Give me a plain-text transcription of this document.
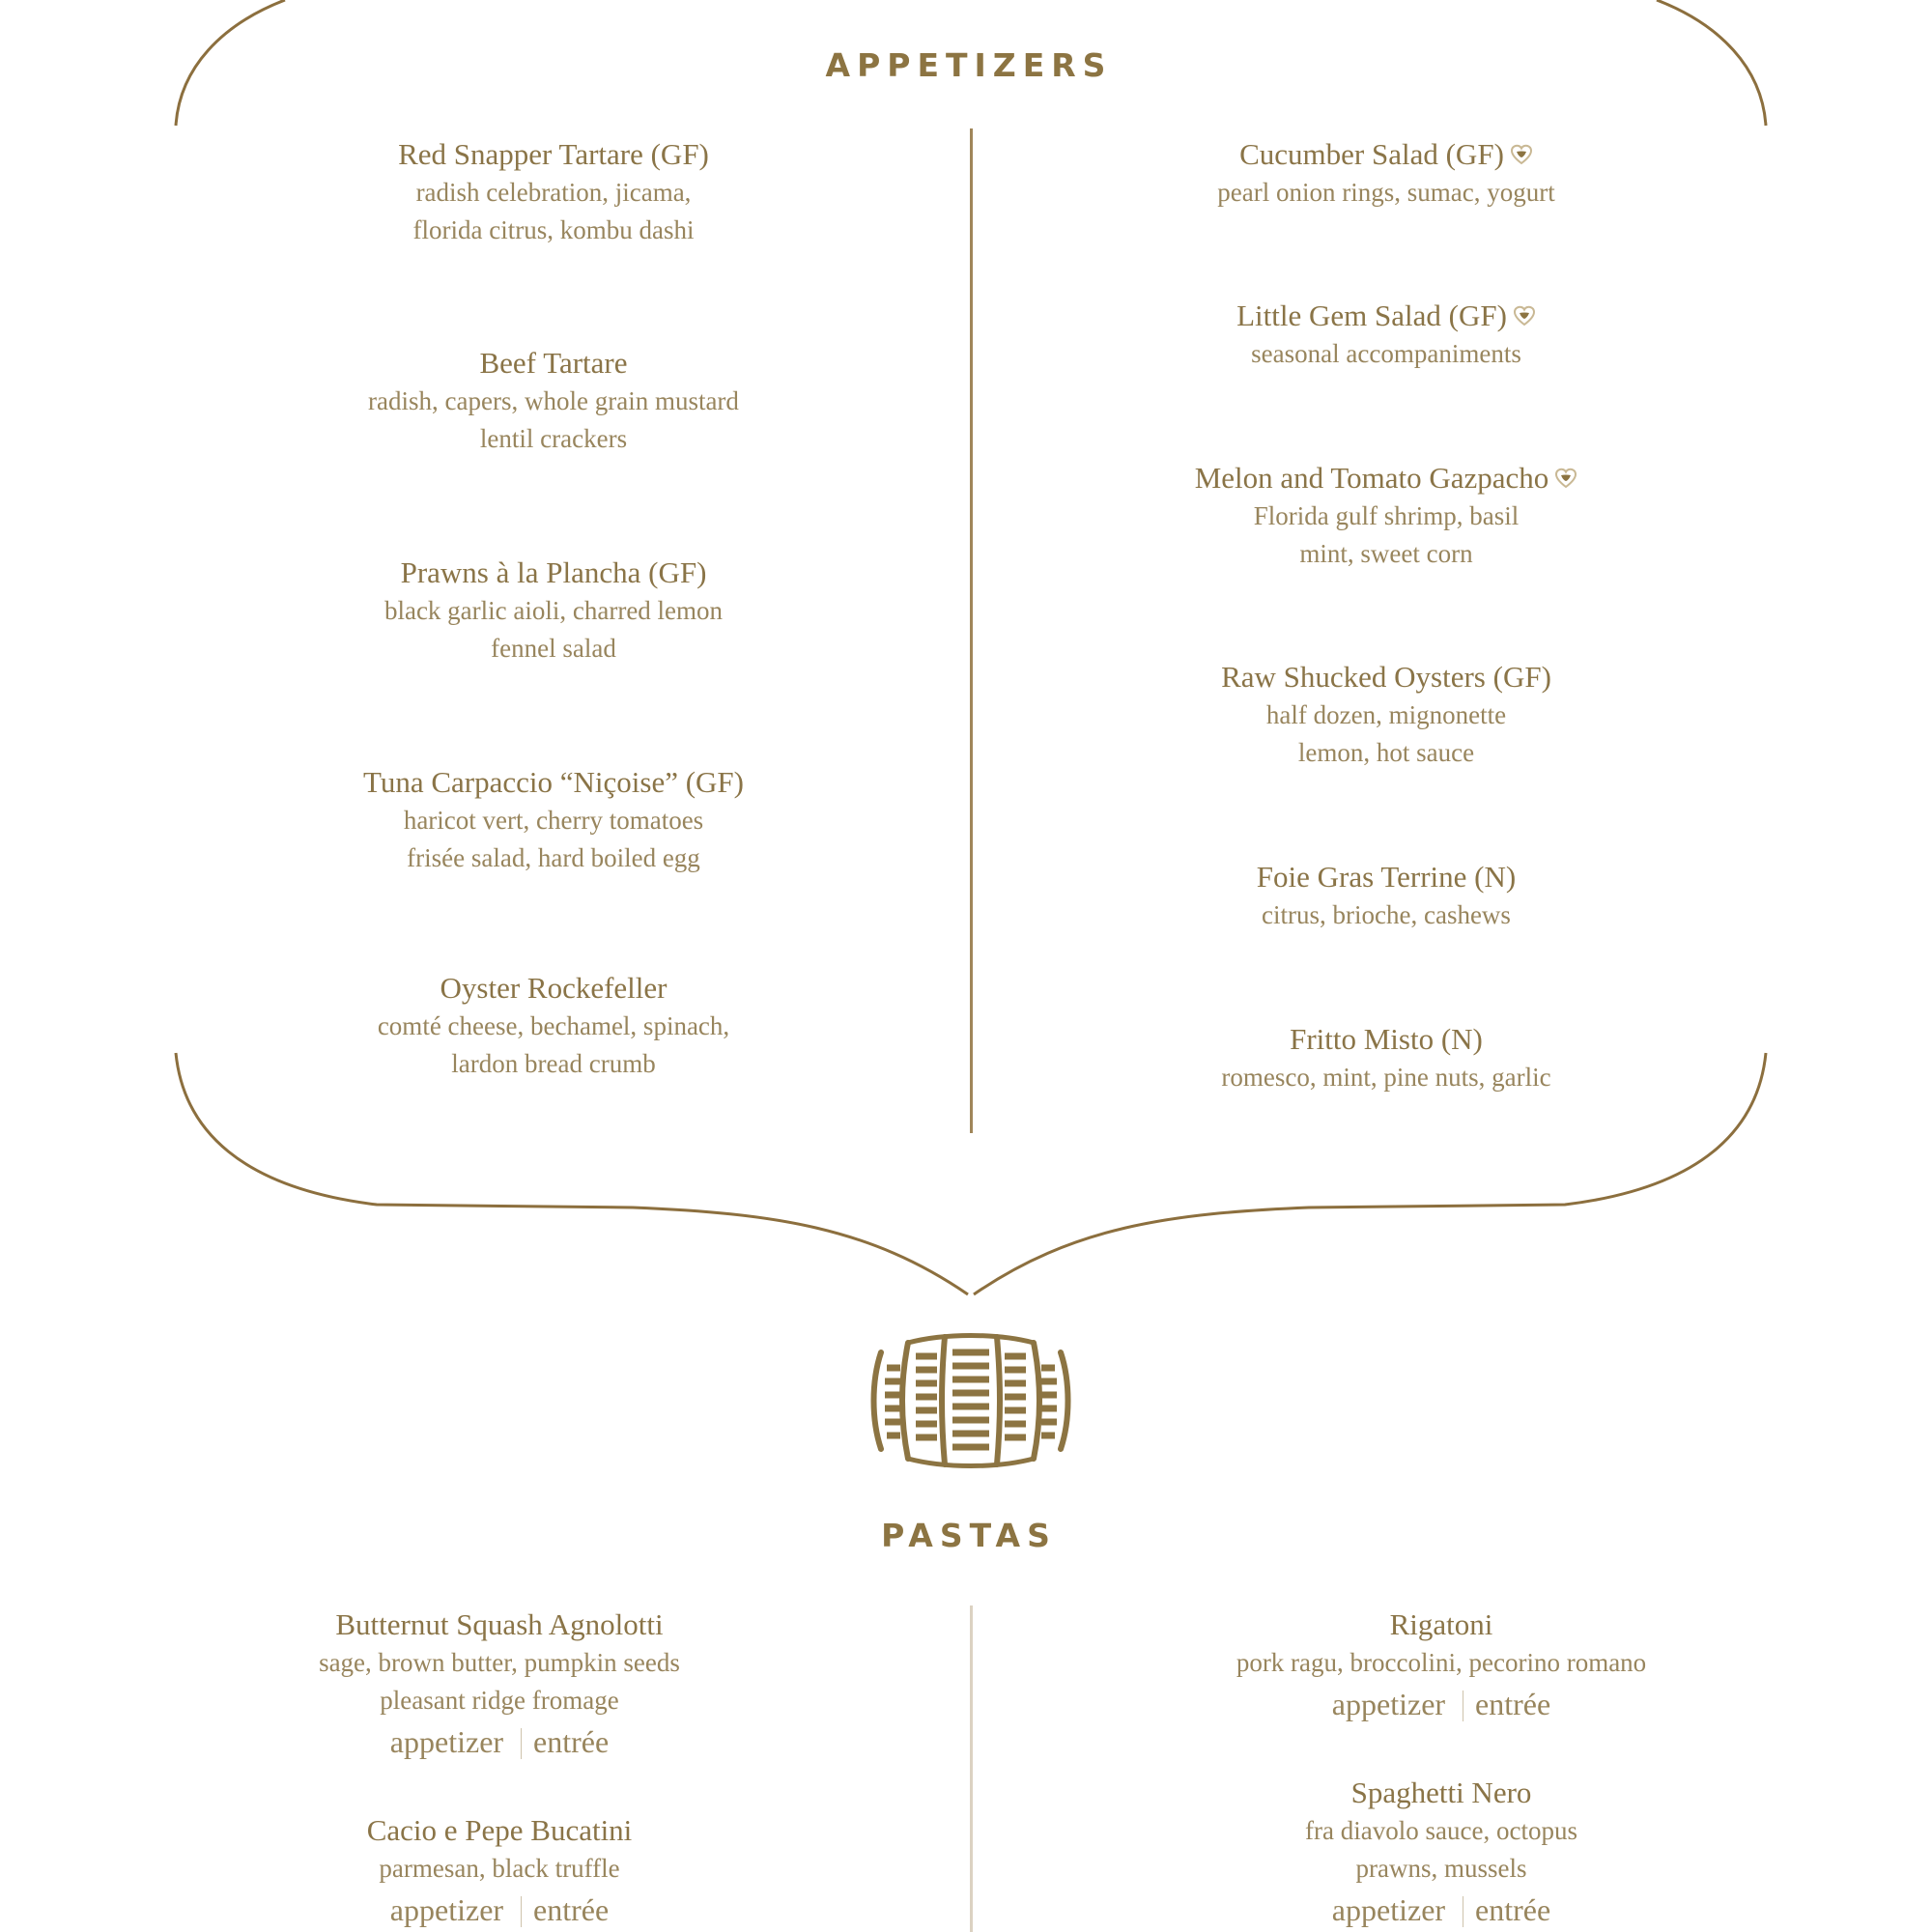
APPETIZERS
Red Snapper Tartare (GF)
radish celebration, jicama,
florida citrus, kombu dashi
Beef Tartare
radish, capers, whole grain mustard
lentil crackers
Prawns à la Plancha (GF)
black garlic aioli, charred lemon
fennel salad
Tuna Carpaccio “Niçoise” (GF)
haricot vert, cherry tomatoes
frisée salad, hard boiled egg
Oyster Rockefeller
comté cheese, bechamel, spinach,
lardon bread crumb
Cucumber Salad (GF)
pearl onion rings, sumac, yogurt
Little Gem Salad (GF)
seasonal accompaniments
Melon and Tomato Gazpacho
Florida gulf shrimp, basil
mint, sweet corn
Raw Shucked Oysters (GF)
half dozen, mignonette
lemon, hot sauce
Foie Gras Terrine (N)
citrus, brioche, cashews
Fritto Misto (N)
romesco, mint, pine nuts, garlic
PASTAS
Butternut Squash Agnolotti
sage, brown butter, pumpkin seeds
pleasant ridge fromage
appetizer entrée
Cacio e Pepe Bucatini
parmesan, black truffle
appetizer entrée
Rigatoni
pork ragu, broccolini, pecorino romano
appetizer entrée
Spaghetti Nero
fra diavolo sauce, octopus
prawns, mussels
appetizer entrée
